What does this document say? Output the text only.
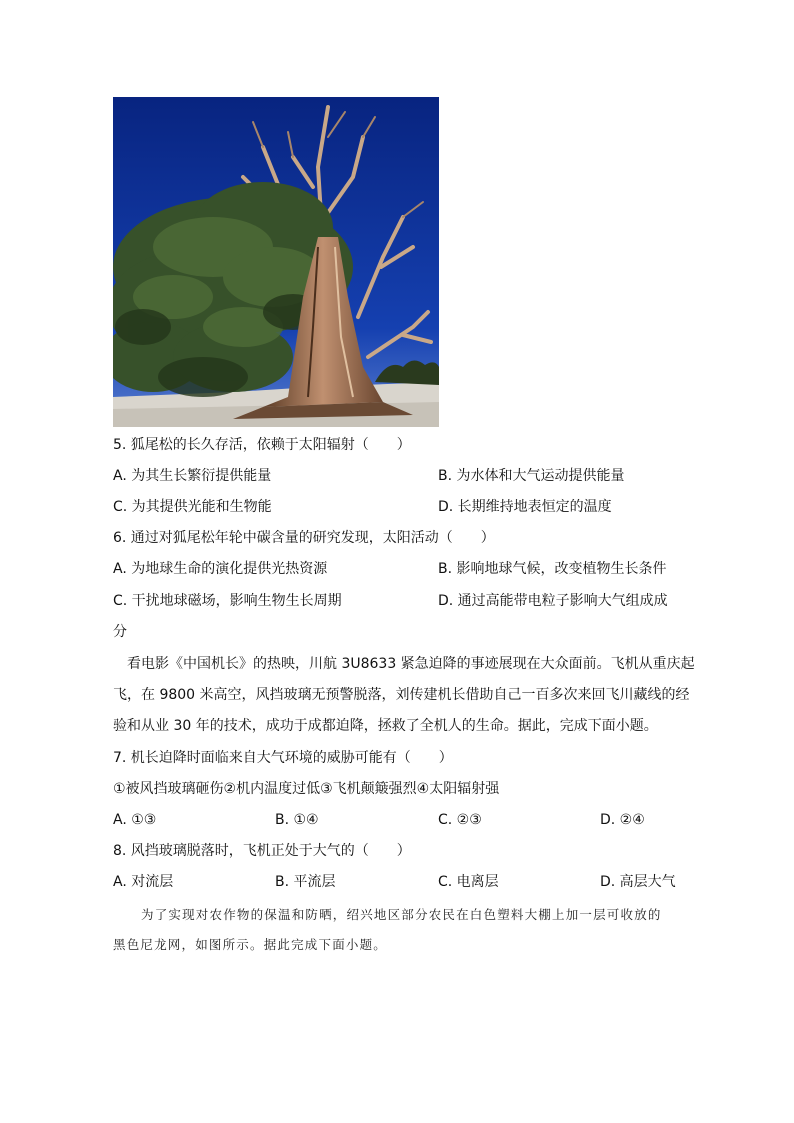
5. 狐尾松的长久存活，依赖于太阳辐射（　　）
A. 为其生长繁衍提供能量	B. 为水体和大气运动提供能量
C. 为其提供光能和生物能	D. 长期维持地表恒定的温度
6. 通过对狐尾松年轮中碳含量的研究发现，太阳活动（　　）
A. 为地球生命的演化提供光热资源	B. 影响地球气候，改变植物生长条件
C. 干扰地球磁场，影响生物生长周期	D. 通过高能带电粒子影响大气组成成
分
看电影《中国机长》的热映，川航 3U8633 紧急迫降的事迹展现在大众面前。飞机从重庆起
飞，在 9800 米高空，风挡玻璃无预警脱落，刘传建机长借助自己一百多次来回飞川藏线的经
验和从业 30 年的技术，成功于成都迫降，拯救了全机人的生命。据此，完成下面小题。
7. 机长迫降时面临来自大气环境的威胁可能有（　　）
①被风挡玻璃砸伤②机内温度过低③飞机颠簸强烈④太阳辐射强
A. ①③	B. ①④	C. ②③	D. ②④
8. 风挡玻璃脱落时，飞机正处于大气的（　　）
A. 对流层	B. 平流层	C. 电离层	D. 高层大气
为了实现对农作物的保温和防晒，绍兴地区部分农民在白色塑料大棚上加一层可收放的
黑色尼龙网，如图所示。据此完成下面小题。
